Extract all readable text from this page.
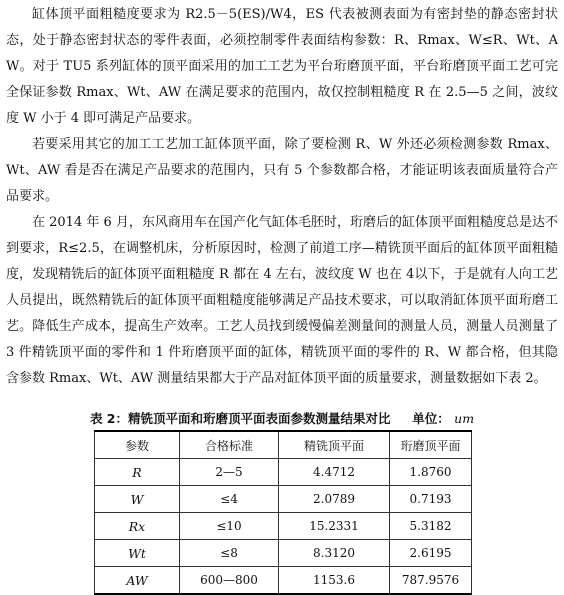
缸体顶平面粗糙度要求为 R2.5－5(ES)/W4，ES 代表被测表面为有密封垫的静态密封状态，处于静态密封状态的零件表面，必须控制零件表面结构参数：R、Rmax、W≤R、Wt、AW。对于 TU5 系列缸体的顶平面采用的加工工艺为平台珩磨顶平面，平台珩磨顶平面工艺可完全保证参数 Rmax、Wt、AW 在满足要求的范围内，故仅控制粗糙度 R 在 2.5—5 之间，波纹度 W 小于 4 即可满足产品要求。

若要采用其它的加工工艺加工缸体顶平面，除了要检测 R、W 外还必须检测参数 Rmax、Wt、AW 看是否在满足产品要求的范围内，只有 5 个参数都合格，才能证明该表面质量符合产品要求。

在 2014 年 6 月，东风商用车在国产化气缸体毛胚时，珩磨后的缸体顶平面粗糙度总是达不到要求，R≤2.5，在调整机床，分析原因时，检测了前道工序—精铣顶平面后的缸体顶平面粗糙度，发现精铣后的缸体顶平面粗糙度 R 都在 4 左右，波纹度 W 也在 4以下，于是就有人向工艺人员提出，既然精铣后的缸体顶平面粗糙度能够满足产品技术要求，可以取消缸体顶平面珩磨工艺。降低生产成本，提高生产效率。工艺人员找到缓慢偏差测量间的测量人员，测量人员测量了 3 件精铣顶平面的零件和 1 件珩磨顶平面的缸体，精铣顶平面的零件的 R、W 都合格，但其隐含参数 Rmax、Wt、AW 测量结果都大于产品对缸体顶平面的质量要求，测量数据如下表 2。

表 2：精铣顶平面和珩磨顶平面表面参数测量结果对比 单位： um
参数	合格标准	精铣顶平面	珩磨顶平面
R	2—5	4.4712	1.8760
W	≤4	2.0789	0.7193
Rx	≤10	15.2331	5.3182
Wt	≤8	8.3120	2.6195
AW	600—800	1153.6	787.9576
